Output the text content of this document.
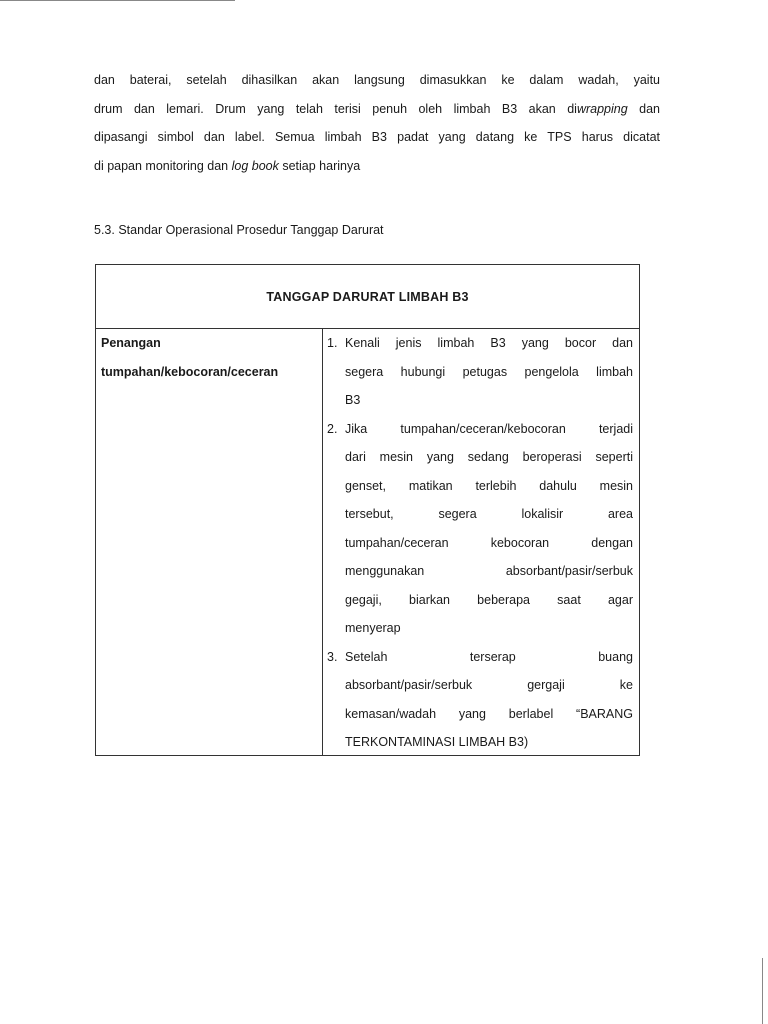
dan baterai, setelah dihasilkan akan langsung dimasukkan ke dalam wadah, yaitu
drum dan lemari. Drum yang telah terisi penuh oleh limbah B3 akan diwrapping dan
dipasangi simbol dan label. Semua limbah B3 padat yang datang ke TPS harus dicatat
di papan monitoring dan log book setiap harinya

5.3. Standar Operasional Prosedur Tanggap Darurat

TANGGAP DARURAT LIMBAH B3
Penangan
tumpahan/kebocoran/ceceran
1. Kenali jenis limbah B3 yang bocor dan
segera hubungi petugas pengelola limbah
B3
2. Jika tumpahan/ceceran/kebocoran terjadi
dari mesin yang sedang beroperasi seperti
genset, matikan terlebih dahulu mesin
tersebut, segera lokalisir area
tumpahan/ceceran kebocoran dengan
menggunakan absorbant/pasir/serbuk
gegaji, biarkan beberapa saat agar
menyerap
3. Setelah terserap buang
absorbant/pasir/serbuk gergaji ke
kemasan/wadah yang berlabel “BARANG
TERKONTAMINASI LIMBAH B3)
